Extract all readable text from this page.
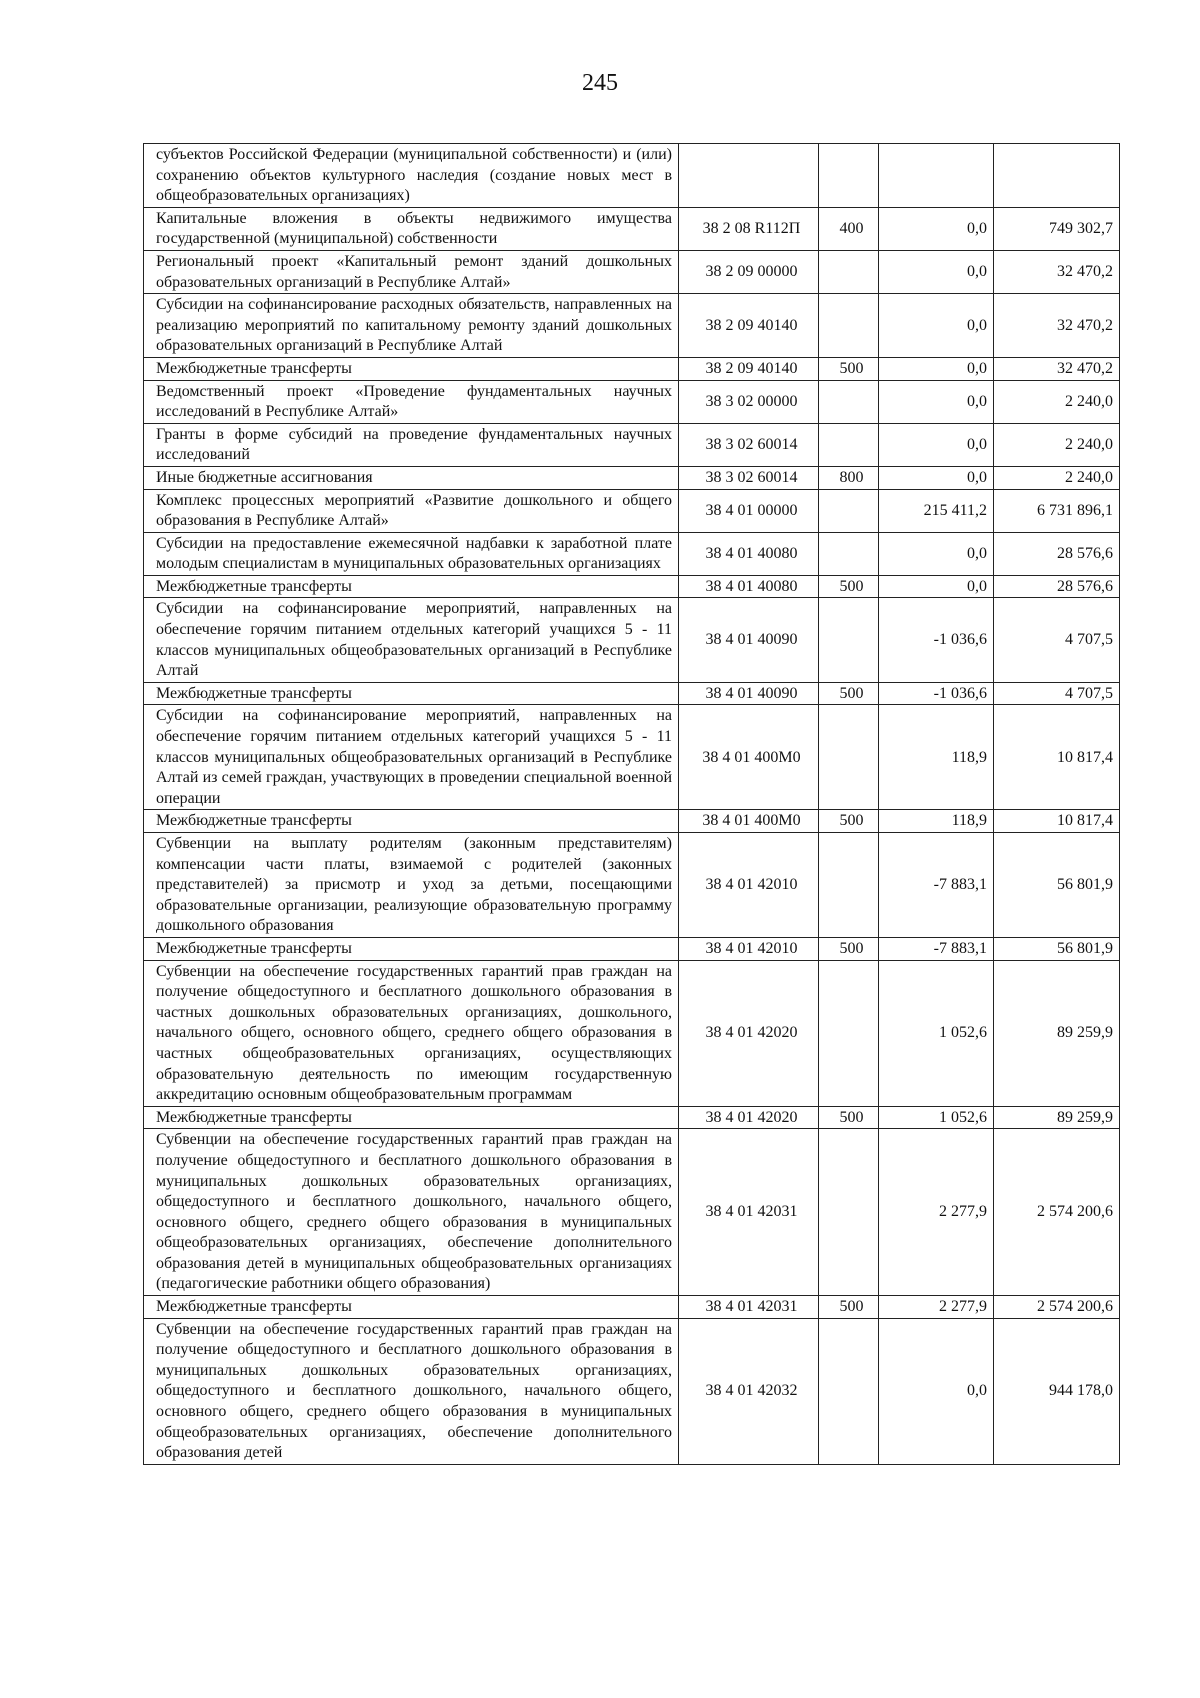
245
субъектов Российской Федерации (муниципальной собственности) и (или) сохранению объектов культурного наследия (создание новых мест в общеобразовательных организациях)				
Капитальные вложения в объекты недвижимого имущества государственной (муниципальной) собственности	38 2 08 R112П	400	0,0	749 302,7
Региональный проект «Капитальный ремонт зданий дошкольных образовательных организаций в Республике Алтай»	38 2 09 00000		0,0	32 470,2
Субсидии на софинансирование расходных обязательств, направленных на реализацию мероприятий по капитальному ремонту зданий дошкольных образовательных организаций в Республике Алтай	38 2 09 40140		0,0	32 470,2
Межбюджетные трансферты	38 2 09 40140	500	0,0	32 470,2
Ведомственный проект «Проведение фундаментальных научных исследований в Республике Алтай»	38 3 02 00000		0,0	2 240,0
Гранты в форме субсидий на проведение фундаментальных научных исследований	38 3 02 60014		0,0	2 240,0
Иные бюджетные ассигнования	38 3 02 60014	800	0,0	2 240,0
Комплекс процессных мероприятий «Развитие дошкольного и общего образования в Республике Алтай»	38 4 01 00000		215 411,2	6 731 896,1
Субсидии на предоставление ежемесячной надбавки к заработной плате молодым специалистам в муниципальных образовательных организациях	38 4 01 40080		0,0	28 576,6
Межбюджетные трансферты	38 4 01 40080	500	0,0	28 576,6
Субсидии на софинансирование мероприятий, направленных на обеспечение горячим питанием отдельных категорий учащихся 5 - 11 классов муниципальных общеобразовательных организаций в Республике Алтай	38 4 01 40090		-1 036,6	4 707,5
Межбюджетные трансферты	38 4 01 40090	500	-1 036,6	4 707,5
Субсидии на софинансирование мероприятий, направленных на обеспечение горячим питанием отдельных категорий учащихся 5 - 11 классов муниципальных общеобразовательных организаций в Республике Алтай из семей граждан, участвующих в проведении специальной военной операции	38 4 01 400М0		118,9	10 817,4
Межбюджетные трансферты	38 4 01 400М0	500	118,9	10 817,4
Субвенции на выплату родителям (законным представителям) компенсации части платы, взимаемой с родителей (законных представителей) за присмотр и уход за детьми, посещающими образовательные организации, реализующие образовательную программу дошкольного образования	38 4 01 42010		-7 883,1	56 801,9
Межбюджетные трансферты	38 4 01 42010	500	-7 883,1	56 801,9
Субвенции на обеспечение государственных гарантий прав граждан на получение общедоступного и бесплатного дошкольного образования в частных дошкольных образовательных организациях, дошкольного, начального общего, основного общего, среднего общего образования в частных общеобразовательных организациях, осуществляющих образовательную деятельность по имеющим государственную аккредитацию основным общеобразовательным программам	38 4 01 42020		1 052,6	89 259,9
Межбюджетные трансферты	38 4 01 42020	500	1 052,6	89 259,9
Субвенции на обеспечение государственных гарантий прав граждан на получение общедоступного и бесплатного дошкольного образования в муниципальных дошкольных образовательных организациях, общедоступного и бесплатного дошкольного, начального общего, основного общего, среднего общего образования в муниципальных общеобразовательных организациях, обеспечение дополнительного образования детей в муниципальных общеобразовательных организациях (педагогические работники общего образования)	38 4 01 42031		2 277,9	2 574 200,6
Межбюджетные трансферты	38 4 01 42031	500	2 277,9	2 574 200,6
Субвенции на обеспечение государственных гарантий прав граждан на получение общедоступного и бесплатного дошкольного образования в муниципальных дошкольных образовательных организациях, общедоступного и бесплатного дошкольного, начального общего, основного общего, среднего общего образования в муниципальных общеобразовательных организациях, обеспечение дополнительного образования детей	38 4 01 42032		0,0	944 178,0
